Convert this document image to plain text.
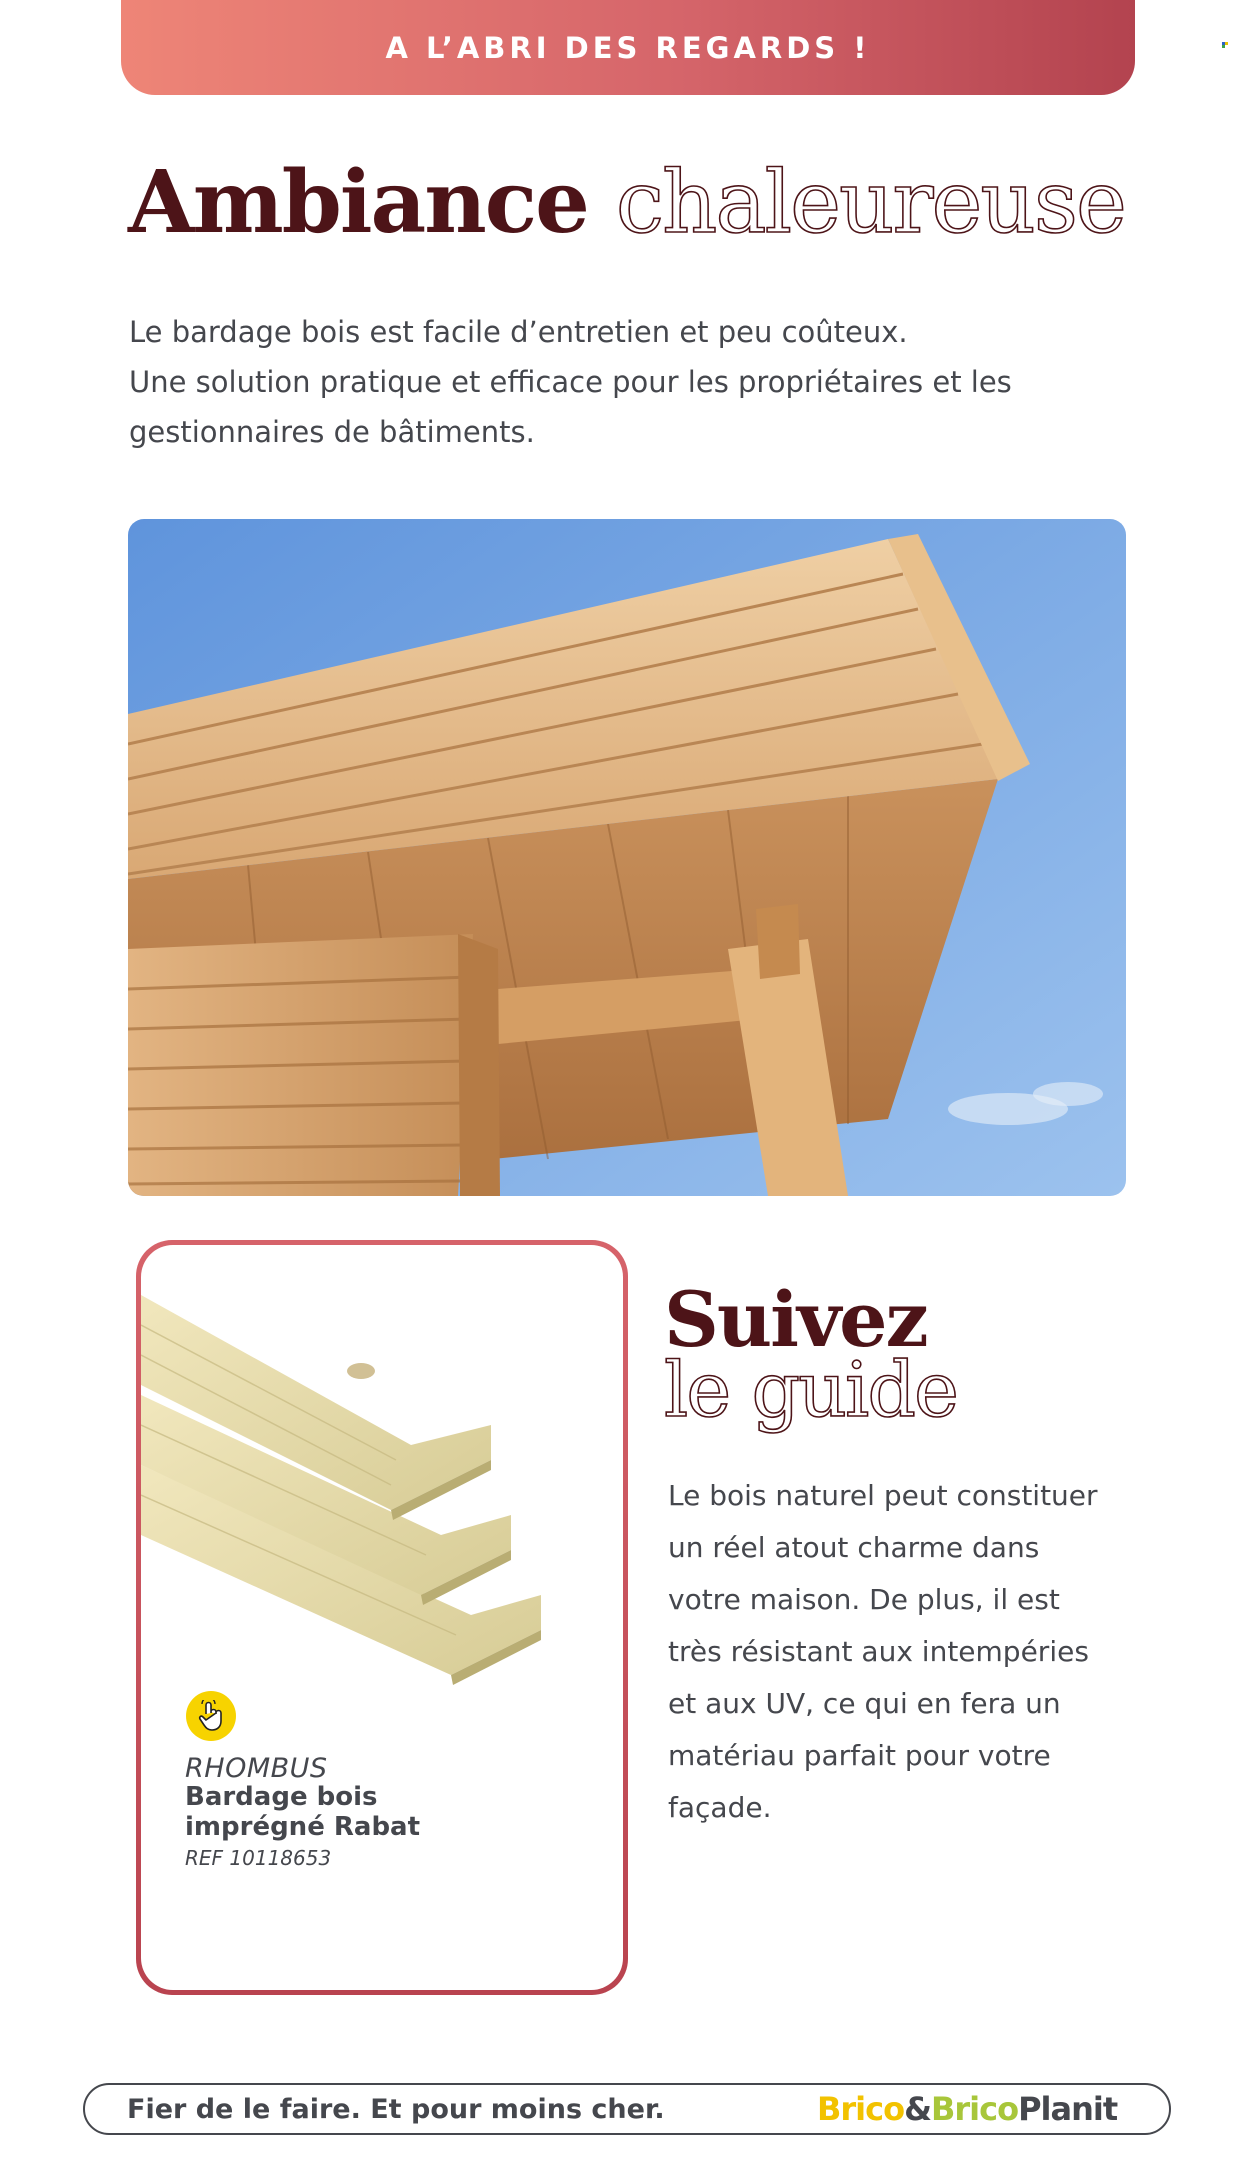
A L’ABRI DES REGARDS !
Ambiance chaleureuse
Le bardage bois est facile d’entretien et peu coûteux.
Une solution pratique et efficace pour les propriétaires et les
gestionnaires de bâtiments.
RHOMBUS
Bardage bois
imprégné Rabat
REF 10118653
Suivez
le guide
Le bois naturel peut constituer
un réel atout charme dans
votre maison. De plus, il est
très résistant aux intempéries
et aux UV, ce qui en fera un
matériau parfait pour votre
façade.
Fier de le faire. Et pour moins cher.	Brico&BricoPlanit
